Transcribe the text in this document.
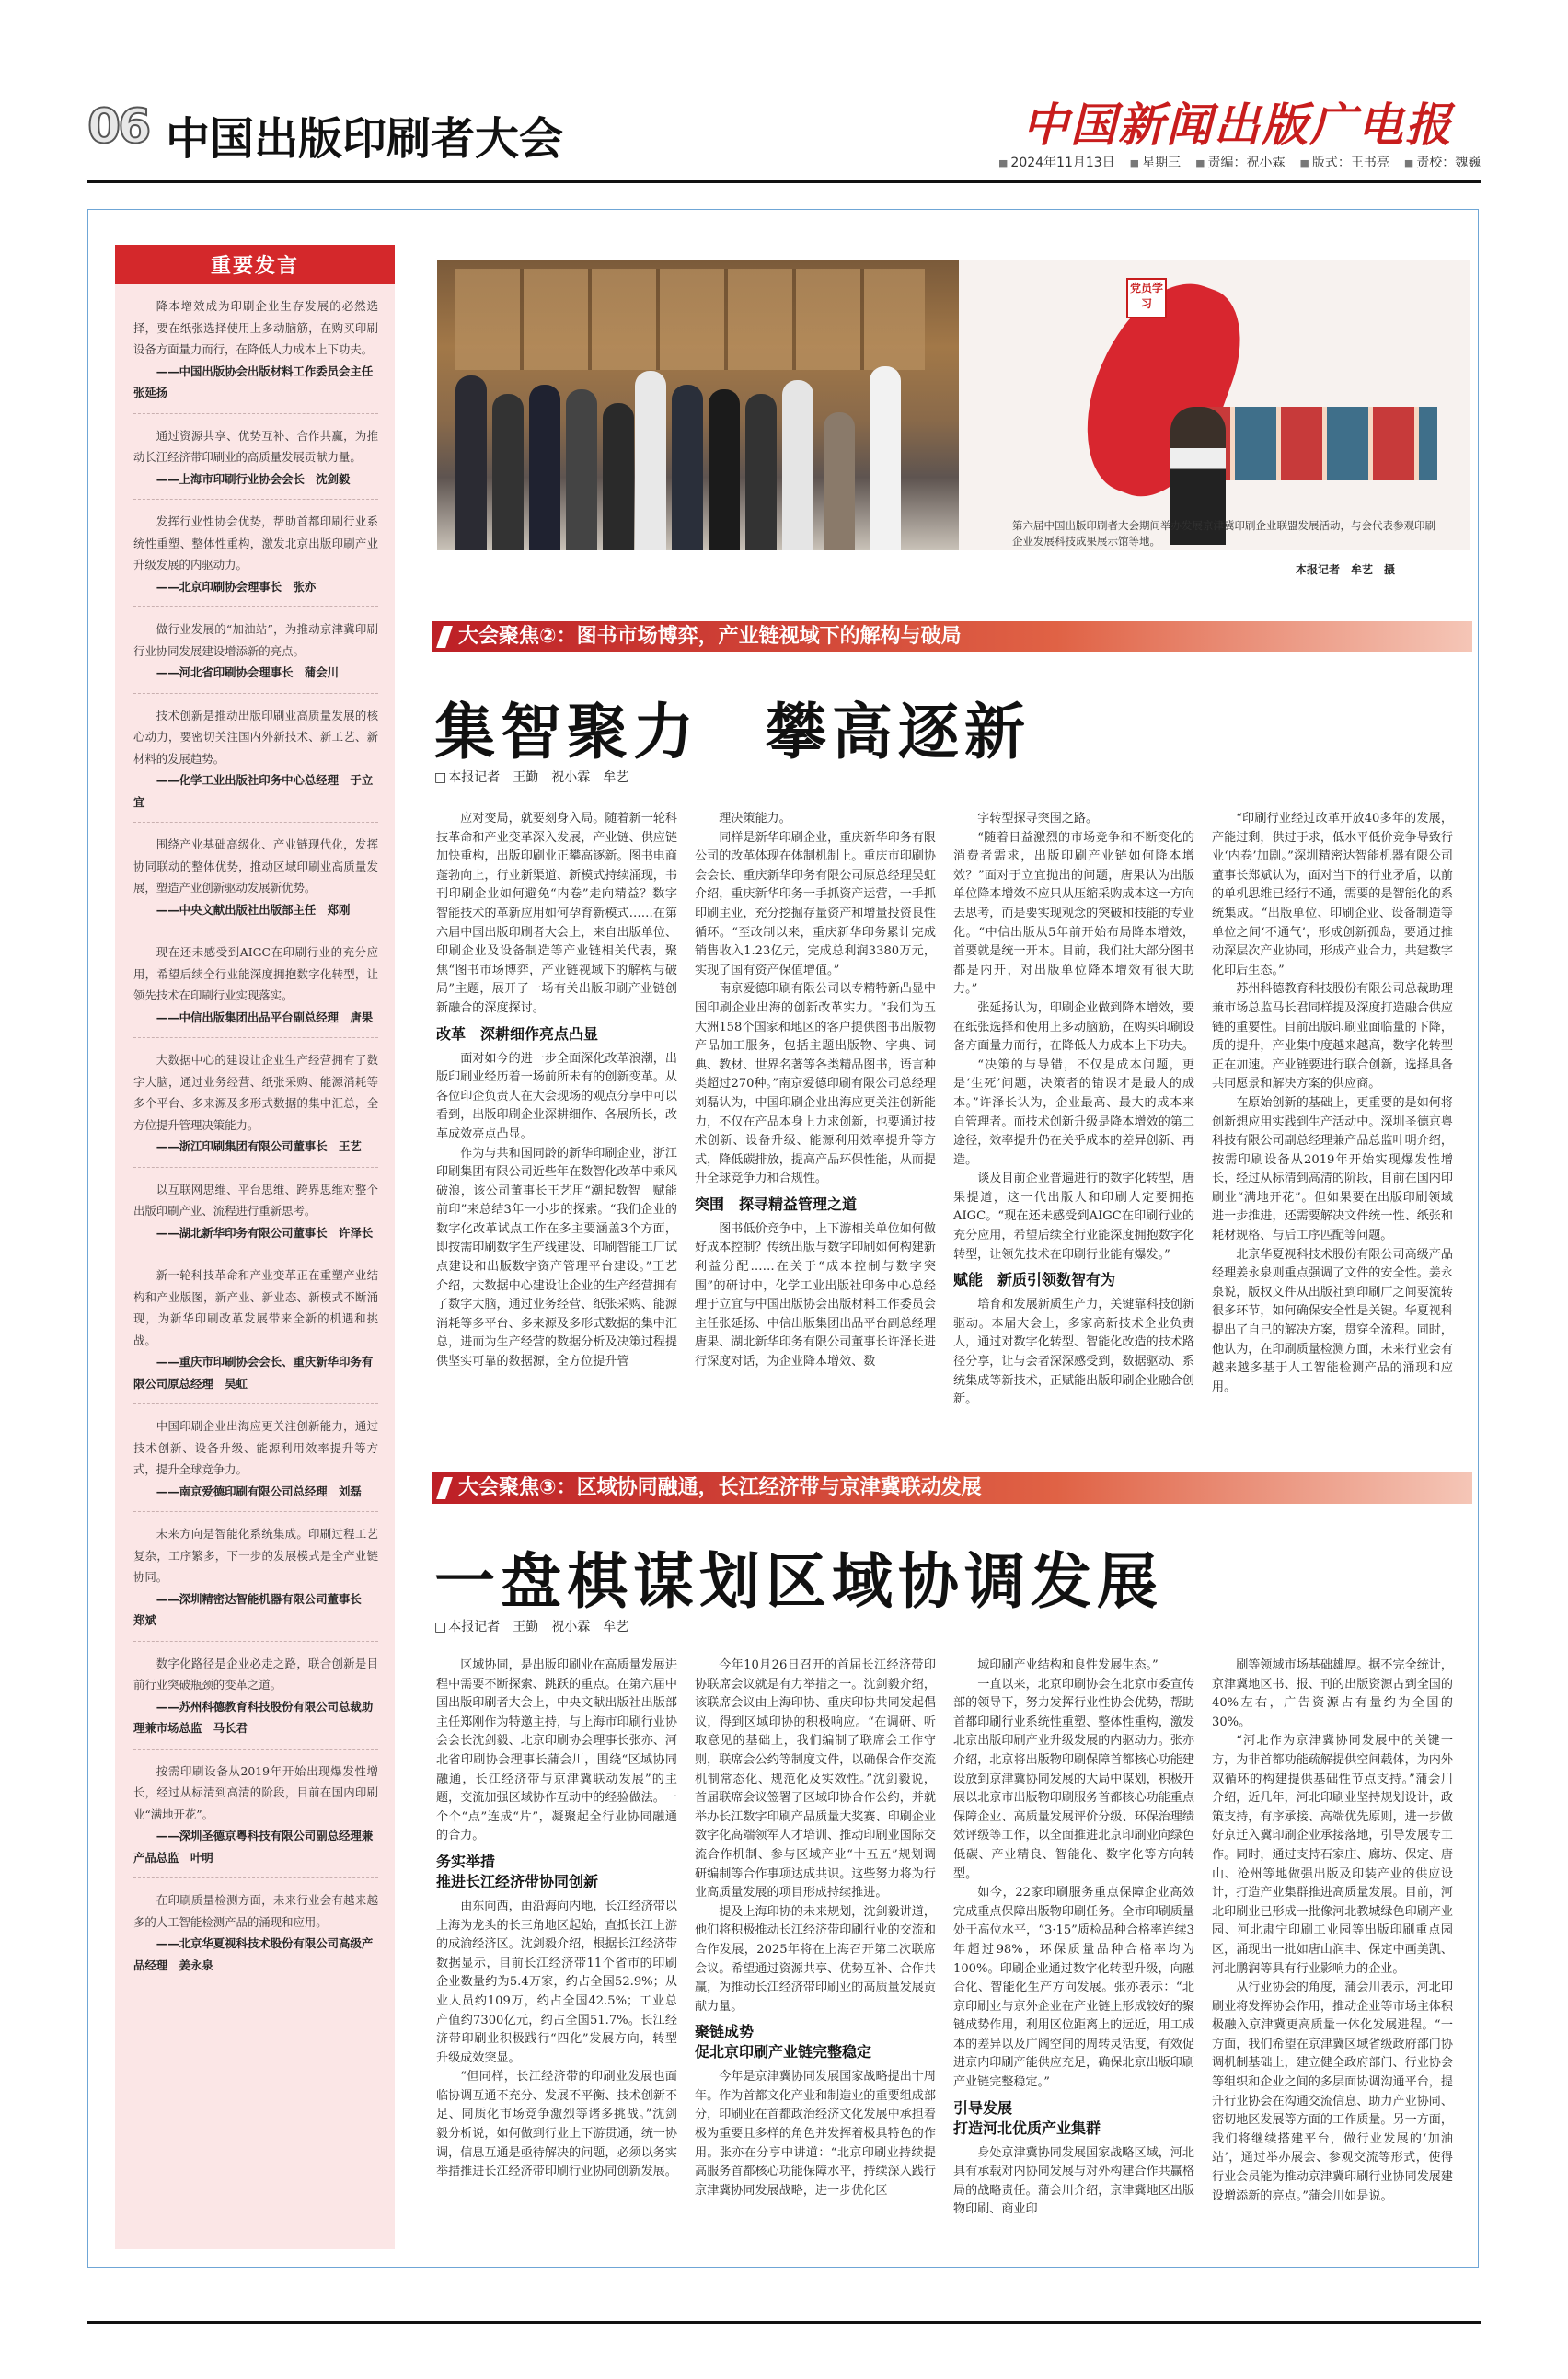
06 中国出版印刷者大会	中国新闻出版广电报
■ 2024年11月13日	■ 星期三	■ 责编：祝小霖	■ 版式：王书亮	■ 责校：魏巍
重要发言
降本增效成为印刷企业生存发展的必然选择，要在纸张选择使用上多动脑筋，在购买印刷设备方面量力而行，在降低人力成本上下功夫。
——中国出版协会出版材料工作委员会主任　张延扬
通过资源共享、优势互补、合作共赢，为推动长江经济带印刷业的高质量发展贡献力量。
——上海市印刷行业协会会长　沈剑毅
发挥行业性协会优势，帮助首都印刷行业系统性重塑、整体性重构，激发北京出版印刷产业升级发展的内驱动力。
——北京印刷协会理事长　张亦
做行业发展的“加油站”，为推动京津冀印刷行业协同发展建设增添新的亮点。
——河北省印刷协会理事长　蒲会川
技术创新是推动出版印刷业高质量发展的核心动力，要密切关注国内外新技术、新工艺、新材料的发展趋势。
——化学工业出版社印务中心总经理　于立宜
围绕产业基础高级化、产业链现代化，发挥协同联动的整体优势，推动区域印刷业高质量发展，塑造产业创新驱动发展新优势。
——中央文献出版社出版部主任　郑刚
现在还未感受到AIGC在印刷行业的充分应用，希望后续全行业能深度拥抱数字化转型，让领先技术在印刷行业实现落实。
——中信出版集团出品平台副总经理　唐果
大数据中心的建设让企业生产经营拥有了数字大脑，通过业务经营、纸张采购、能源消耗等多个平台、多来源及多形式数据的集中汇总，全方位提升管理决策能力。
——浙江印刷集团有限公司董事长　王艺
以互联网思维、平台思维、跨界思维对整个出版印刷产业、流程进行重新思考。
——湖北新华印务有限公司董事长　许泽长
新一轮科技革命和产业变革正在重塑产业结构和产业版图，新产业、新业态、新模式不断涌现，为新华印刷改革发展带来全新的机遇和挑战。
——重庆市印刷协会会长、重庆新华印务有限公司原总经理　吴虹
中国印刷企业出海应更关注创新能力，通过技术创新、设备升级、能源利用效率提升等方式，提升全球竞争力。
——南京爱德印刷有限公司总经理　刘磊
未来方向是智能化系统集成。印刷过程工艺复杂，工序繁多，下一步的发展模式是全产业链协同。
——深圳精密达智能机器有限公司董事长　郑斌
数字化路径是企业必走之路，联合创新是目前行业突破瓶颈的变革之道。
——苏州科德教育科技股份有限公司总裁助理兼市场总监　马长君
按需印刷设备从2019年开始出现爆发性增长，经过从标清到高清的阶段，目前在国内印刷业“满地开花”。
——深圳圣德京粤科技有限公司副总经理兼产品总监　叶明
在印刷质量检测方面，未来行业会有越来越多的人工智能检测产品的涌现和应用。
——北京华夏视科技术股份有限公司高级产品经理　姜永泉
党员学习
第六届中国出版印刷者大会期间举办发展京津冀印刷企业联盟发展活动，与会代表参观印刷企业发展科技成果展示馆等地。
本报记者　牟艺　摄
大会聚焦②：图书市场博弈，产业链视域下的解构与破局
集智聚力　攀高逐新
□ 本报记者　王勤　祝小霖　牟艺

应对变局，就要刻身入局。随着新一轮科技革命和产业变革深入发展，产业链、供应链加快重构，出版印刷业正攀高逐新。图书电商蓬勃向上，行业新渠道、新模式持续涌现，书刊印刷企业如何避免“内卷”走向精益？数字智能技术的革新应用如何孕育新模式……在第六届中国出版印刷者大会上，来自出版单位、印刷企业及设备制造等产业链相关代表，聚焦“图书市场博弈，产业链视域下的解构与破局”主题，展开了一场有关出版印刷产业链创新融合的深度探讨。

改革　深耕细作亮点凸显

面对如今的进一步全面深化改革浪潮，出版印刷业经历着一场前所未有的创新变革。从各位印企负责人在大会现场的观点分享中可以看到，出版印刷企业深耕细作、各展所长，改革成效亮点凸显。

作为与共和国同龄的新华印刷企业，浙江印刷集团有限公司近些年在数智化改革中乘风破浪，该公司董事长王艺用“潮起数智　赋能前印”来总结3年一小步的探索。“我们企业的数字化改革试点工作在多主要涵盖3个方面，即按需印刷数字生产线建设、印刷智能工厂试点建设和出版数字资产管理平台建设。”王艺介绍，大数据中心建设让企业的生产经营拥有了数字大脑，通过业务经营、纸张采购、能源消耗等多平台、多来源及多形式数据的集中汇总，进而为生产经营的数据分析及决策过程提供坚实可靠的数据源，全方位提升管

理决策能力。

同样是新华印刷企业，重庆新华印务有限公司的改革体现在体制机制上。重庆市印刷协会会长、重庆新华印务有限公司原总经理吴虹介绍，重庆新华印务一手抓资产运营，一手抓印刷主业，充分挖掘存量资产和增量投资良性循环。“至改制以来，重庆新华印务累计完成销售收入1.23亿元，完成总利润3380万元，实现了国有资产保值增值。”

南京爱德印刷有限公司以专精特新凸显中国印刷企业出海的创新改革实力。“我们为五大洲158个国家和地区的客户提供图书出版物产品加工服务，包括主题出版物、字典、词典、教材、世界名著等各类精品图书，语言种类超过270种。”南京爱德印刷有限公司总经理刘磊认为，中国印刷企业出海应更关注创新能力，不仅在产品本身上力求创新，也要通过技术创新、设备升级、能源利用效率提升等方式，降低碳排放，提高产品环保性能，从而提升全球竞争力和合规性。

突围　探寻精益管理之道

图书低价竞争中，上下游相关单位如何做好成本控制？传统出版与数字印刷如何构建新利益分配……在关于“成本控制与数字突围”的研讨中，化学工业出版社印务中心总经理于立宜与中国出版协会出版材料工作委员会主任张延扬、中信出版集团出品平台副总经理唐果、湖北新华印务有限公司董事长许泽长进行深度对话，为企业降本增效、数

字转型探寻突围之路。

“随着日益激烈的市场竞争和不断变化的消费者需求，出版印刷产业链如何降本增效？”面对于立宜抛出的问题，唐果认为出版单位降本增效不应只从压缩采购成本这一方向去思考，而是要实现观念的突破和技能的专业化。“中信出版从5年前开始布局降本增效，首要就是统一开本。目前，我们社大部分图书都是内开，对出版单位降本增效有很大助力。”

张延扬认为，印刷企业做到降本增效，要在纸张选择和使用上多动脑筋，在购买印刷设备方面量力而行，在降低人力成本上下功夫。

“决策的与导错，不仅是成本问题，更是‘生死’问题，决策者的错误才是最大的成本。”许泽长认为，企业最高、最大的成本来自管理者。而技术创新升级是降本增效的第二途径，效率提升仍在关乎成本的差异创新、再造。

谈及目前企业普遍进行的数字化转型，唐果提道，这一代出版人和印刷人定要拥抱AIGC。“现在还未感受到AIGC在印刷行业的充分应用，希望后续全行业能深度拥抱数字化转型，让领先技术在印刷行业能有爆发。”

赋能　新质引领数智有为

培育和发展新质生产力，关键靠科技创新驱动。本届大会上，多家高新技术企业负责人，通过对数字化转型、智能化改造的技术路径分享，让与会者深深感受到，数据驱动、系统集成等新技术，正赋能出版印刷企业融合创新。

“印刷行业经过改革开放40多年的发展，产能过剩，供过于求，低水平低价竞争导致行业‘内卷’加剧。”深圳精密达智能机器有限公司董事长郑斌认为，面对当下的行业矛盾，以前的单机思维已经行不通，需要的是智能化的系统集成。“出版单位、印刷企业、设备制造等单位之间‘不通气’，形成创新孤岛，要通过推动深层次产业协同，形成产业合力，共建数字化印后生态。”

苏州科德教育科技股份有限公司总裁助理兼市场总监马长君同样提及深度打造融合供应链的重要性。目前出版印刷业面临量的下降，质的提升，产业集中度越来越高，数字化转型正在加速。产业链要进行联合创新，选择具备共同愿景和解决方案的供应商。

在原始创新的基础上，更重要的是如何将创新想应用实践到生产活动中。深圳圣德京粤科技有限公司副总经理兼产品总监叶明介绍，按需印刷设备从2019年开始实现爆发性增长，经过从标清到高清的阶段，目前在国内印刷业“满地开花”。但如果要在出版印刷领域进一步推进，还需要解决文件统一性、纸张和耗材规格、与后工序匹配等问题。

北京华夏视科技术股份有限公司高级产品经理姜永泉则重点强调了文件的安全性。姜永泉说，版权文件从出版社到印刷厂之间要流转很多环节，如何确保安全性是关键。华夏视科提出了自己的解决方案，贯穿全流程。同时，他认为，在印刷质量检测方面，未来行业会有越来越多基于人工智能检测产品的涌现和应用。

大会聚焦③：区域协同融通，长江经济带与京津冀联动发展
一盘棋谋划区域协调发展
□ 本报记者　王勤　祝小霖　牟艺

区域协同，是出版印刷业在高质量发展进程中需要不断探索、跳跃的重点。在第六届中国出版印刷者大会上，中央文献出版社出版部主任郑刚作为特邀主持，与上海市印刷行业协会会长沈剑毅、北京印刷协会理事长张亦、河北省印刷协会理事长蒲会川，围绕“区域协同融通，长江经济带与京津冀联动发展”的主题，交流加强区域协作互动中的经验做法。一个个“点”连成“片”，凝聚起全行业协同融通的合力。

务实举措
推进长江经济带协同创新

由东向西，由沿海向内地，长江经济带以上海为龙头的长三角地区起始，直抵长江上游的成渝经济区。沈剑毅介绍，根据长江经济带数据显示，目前长江经济带11个省市的印刷企业数量约为5.4万家，约占全国52.9%；从业人员约109万，约占全国42.5%；工业总产值约7300亿元，约占全国51.7%。长江经济带印刷业积极践行“四化”发展方向，转型升级成效突显。

“但同样，长江经济带的印刷业发展也面临协调互通不充分、发展不平衡、技术创新不足、同质化市场竞争激烈等诸多挑战。”沈剑毅分析说，如何做到行业上下游贯通，统一协调，信息互通是亟待解决的问题，必须以务实举措推进长江经济带印刷行业协同创新发展。

今年10月26日召开的首届长江经济带印协联席会议就是有力举措之一。沈剑毅介绍，该联席会议由上海印协、重庆印协共同发起倡议，得到区域印协的积极响应。“在调研、听取意见的基础上，我们编制了联席会工作守则，联席会公约等制度文件，以确保合作交流机制常态化、规范化及实效性。”沈剑毅说，首届联席会议签署了区域印协合作公约，并就举办长江数字印刷产品质量大奖赛、印刷企业数字化高端领军人才培训、推动印刷业国际交流合作机制、参与区域产业“十五五”规划调研编制等合作事项达成共识。这些努力将为行业高质量发展的项目形成持续推进。

提及上海印协的未来规划，沈剑毅讲道，他们将积极推动长江经济带印刷行业的交流和合作发展，2025年将在上海召开第二次联席会议。希望通过资源共享、优势互补、合作共赢，为推动长江经济带印刷业的高质量发展贡献力量。

聚链成势
促北京印刷产业链完整稳定

今年是京津冀协同发展国家战略提出十周年。作为首都文化产业和制造业的重要组成部分，印刷业在首都政治经济文化发展中承担着极为重要且多样的角色并发挥着极具特色的作用。张亦在分享中讲道：“北京印刷业持续提高服务首都核心功能保障水平，持续深入践行京津冀协同发展战略，进一步优化区

域印刷产业结构和良性发展生态。”

一直以来，北京印刷协会在北京市委宣传部的领导下，努力发挥行业性协会优势，帮助首都印刷行业系统性重塑、整体性重构，激发北京出版印刷产业升级发展的内驱动力。张亦介绍，北京将出版物印刷保障首都核心功能建设放到京津冀协同发展的大局中谋划，积极开展以北京市出版物印刷服务首都核心功能重点保障企业、高质量发展评价分级、环保治理绩效评级等工作，以全面推进北京印刷业向绿色低碳、产业精良、智能化、数字化等方向转型。

如今，22家印刷服务重点保障企业高效完成重点保障出版物印刷任务。全市印刷质量处于高位水平，“3·15”质检品种合格率连续3年超过98%，环保质量品种合格率均为100%。印刷企业通过数字化转型升级，向融合化、智能化生产方向发展。张亦表示：“北京印刷业与京外企业在产业链上形成较好的聚链成势作用，利用区位距离上的远近，用工成本的差异以及广阔空间的周转灵活度，有效促进京内印刷产能供应充足，确保北京出版印刷产业链完整稳定。”

引导发展
打造河北优质产业集群

身处京津冀协同发展国家战略区域，河北具有承载对内协同发展与对外构建合作共赢格局的战略责任。蒲会川介绍，京津冀地区出版物印刷、商业印

刷等领域市场基础雄厚。据不完全统计，京津冀地区书、报、刊的出版资源占到全国的40%左右，广告资源占有量约为全国的30%。

“河北作为京津冀协同发展中的关键一方，为非首都功能疏解提供空间载体，为内外双循环的构建提供基础性节点支持。”蒲会川介绍，近几年，河北印刷业坚持规划设计，政策支持，有序承接、高端优先原则，进一步做好京迁入冀印刷企业承接落地，引导发展专工作。同时，通过支持石家庄、廊坊、保定、唐山、沧州等地做强出版及印装产业的供应设计，打造产业集群推进高质量发展。目前，河北印刷业已形成一批像河北教城绿色印刷产业园、河北肃宁印刷工业园等出版印刷重点园区，涌现出一批如唐山润丰、保定中画美凯、河北鹏润等具有行业影响力的企业。

从行业协会的角度，蒲会川表示，河北印刷业将发挥协会作用，推动企业等市场主体积极融入京津冀更高质量一体化发展进程。“一方面，我们希望在京津冀区域省级政府部门协调机制基础上，建立健全政府部门、行业协会等组织和企业之间的多层面协调沟通平台，提升行业协会在沟通交流信息、助力产业协同、密切地区发展等方面的工作质量。另一方面，我们将继续搭建平台，做行业发展的‘加油站’，通过举办展会、参观交流等形式，使得行业会员能为推动京津冀印刷行业协同发展建设增添新的亮点。”蒲会川如是说。
